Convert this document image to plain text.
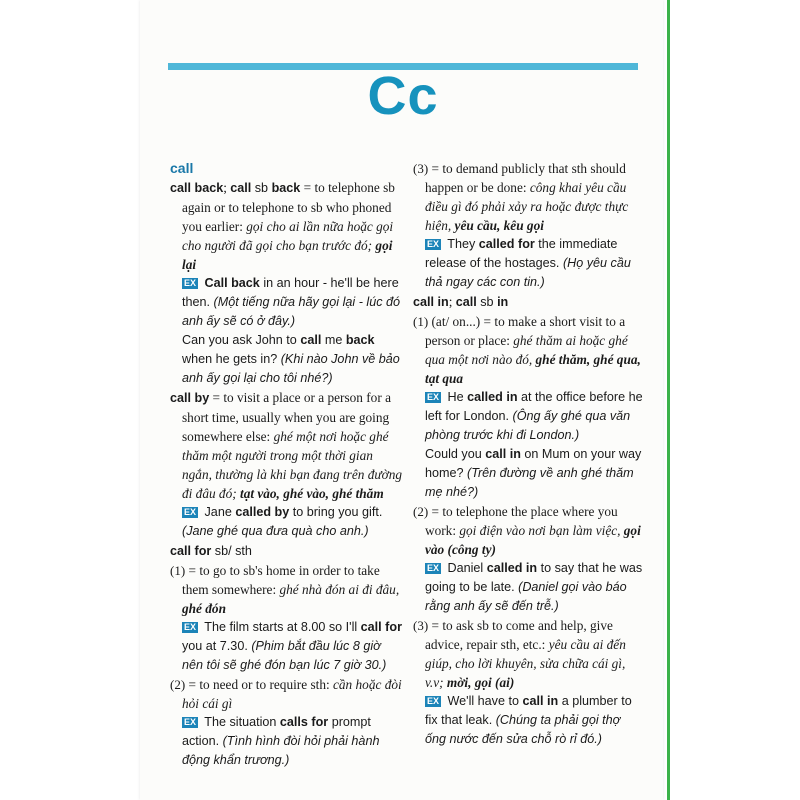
Cc

call

call back; call sb back = to telephone sb again or to telephone to sb who phoned you earlier: gọi cho ai lần nữa hoặc gọi cho người đã gọi cho bạn trước đó; gọi lại

EX Call back in an hour - he'll be here then. (Một tiếng nữa hãy gọi lại - lúc đó anh ấy sẽ có ở đây.)

Can you ask John to call me back when he gets in? (Khi nào John về bảo anh ấy gọi lại cho tôi nhé?)

call by = to visit a place or a person for a short time, usually when you are going somewhere else: ghé một nơi hoặc ghé thăm một người trong một thời gian ngắn, thường là khi bạn đang trên đường đi đâu đó; tạt vào, ghé vào, ghé thăm

EX Jane called by to bring you gift. (Jane ghé qua đưa quà cho anh.)

call for sb/ sth

(1) = to go to sb's home in order to take them somewhere: ghé nhà đón ai đi đâu, ghé đón

EX The film starts at 8.00 so I'll call for you at 7.30. (Phim bắt đầu lúc 8 giờ nên tôi sẽ ghé đón bạn lúc 7 giờ 30.)

(2) = to need or to require sth: cần hoặc đòi hỏi cái gì

EX The situation calls for prompt action. (Tình hình đòi hỏi phải hành động khẩn trương.)

(3) = to demand publicly that sth should happen or be done: công khai yêu cầu điều gì đó phải xảy ra hoặc được thực hiện, yêu cầu, kêu gọi

EX They called for the immediate release of the hostages. (Họ yêu cầu thả ngay các con tin.)

call in; call sb in

(1) (at/ on...) = to make a short visit to a person or place: ghé thăm ai hoặc ghé qua một nơi nào đó, ghé thăm, ghé qua, tạt qua

EX He called in at the office before he left for London. (Ông ấy ghé qua văn phòng trước khi đi London.)

Could you call in on Mum on your way home? (Trên đường về anh ghé thăm mẹ nhé?)

(2) = to telephone the place where you work: gọi điện vào nơi bạn làm việc, gọi vào (công ty)

EX Daniel called in to say that he was going to be late. (Daniel gọi vào báo rằng anh ấy sẽ đến trễ.)

(3) = to ask sb to come and help, give advice, repair sth, etc.: yêu cầu ai đến giúp, cho lời khuyên, sửa chữa cái gì, v.v; mời, gọi (ai)

EX We'll have to call in a plumber to fix that leak. (Chúng ta phải gọi thợ ống nước đến sửa chỗ rò rỉ đó.)
